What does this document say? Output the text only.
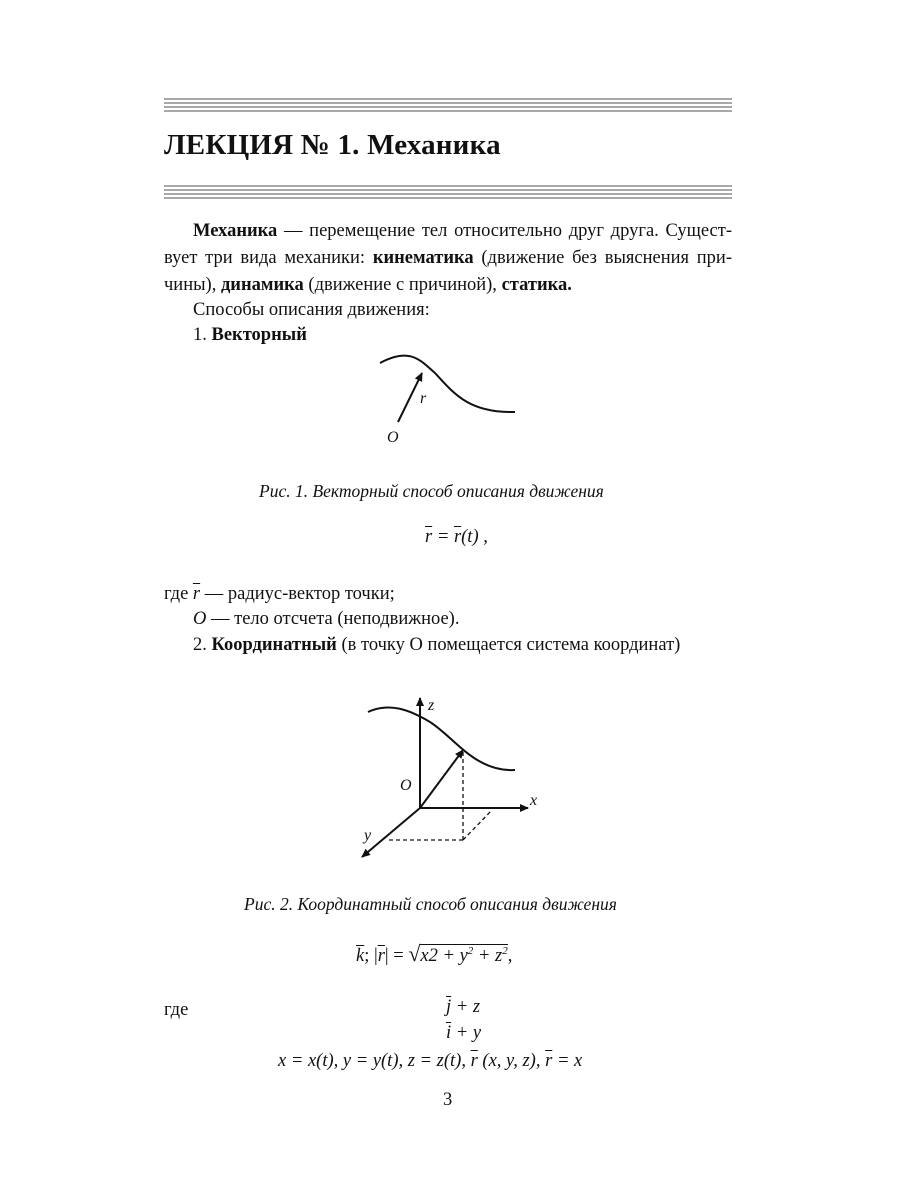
ЛЕКЦИЯ № 1. Механика
Механика — перемещение тел относительно друг друга. Сущест-
вует три вида механики: кинематика (движение без выяснения при-
чины), динамика (движение с причиной), статика.
Способы описания движения:
1. Векторный
r
O
Рис. 1. Векторный способ описания движения
$\overline{r} = \overline{r}(t)$ ,
где $\overline{r}$ — радиус-вектор точки;
O — тело отсчета (неподвижное).
2. Координатный (в точку О помещается система координат)
z
x
y
O
Рис. 2. Координатный способ описания движения
$\overline{k}$; $|\overline{r}| = √x2 + y^2 + z^2$,
где	$\overline{j} + z$
$\overline{i} + y$
x = x(t), y = y(t), z = z(t), $\overline{r}$ (x, y, z), $\overline{r} = x$
3
